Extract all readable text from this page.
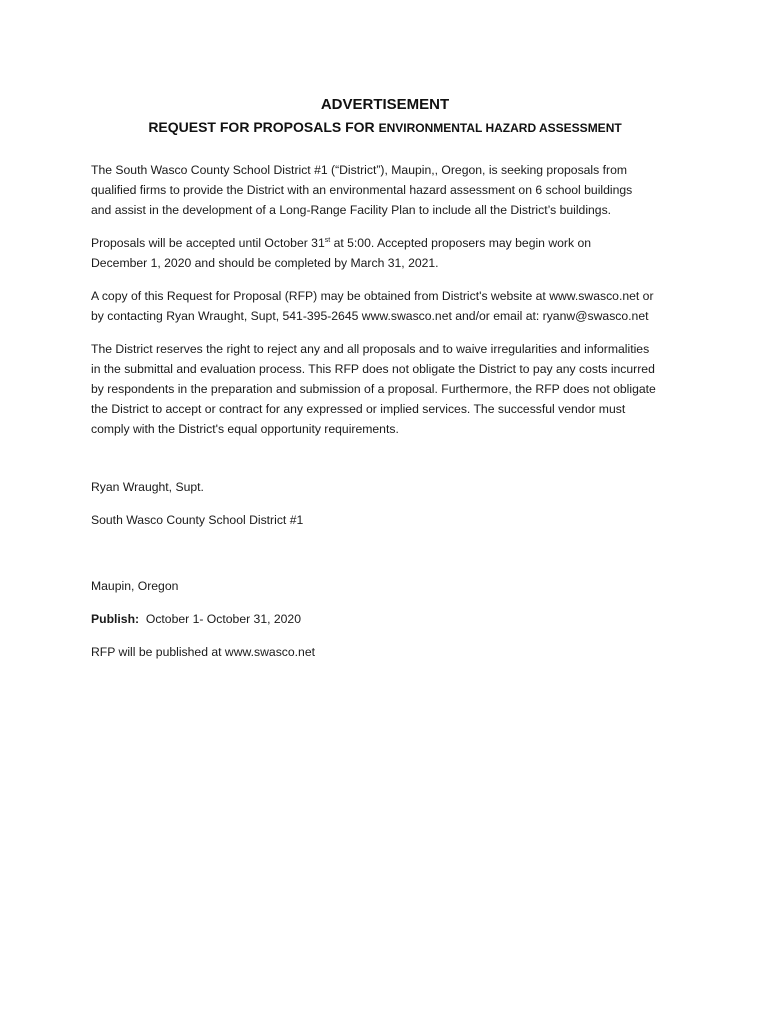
ADVERTISEMENT
REQUEST FOR PROPOSALS FOR ENVIRONMENTAL HAZARD ASSESSMENT
The South Wasco County School District #1 (“District”), Maupin,, Oregon, is seeking proposals from
qualified firms to provide the District with an environmental hazard assessment on 6 school buildings
and assist in the development of a Long-Range Facility Plan to include all the District’s buildings.
Proposals will be accepted until October 31st at 5:00. Accepted proposers may begin work on
December 1, 2020 and should be completed by March 31, 2021.
A copy of this Request for Proposal (RFP) may be obtained from District's website at www.swasco.net or
by contacting Ryan Wraught, Supt, 541-395-2645 www.swasco.net and/or email at: ryanw@swasco.net
The District reserves the right to reject any and all proposals and to waive irregularities and informalities
in the submittal and evaluation process. This RFP does not obligate the District to pay any costs incurred
by respondents in the preparation and submission of a proposal. Furthermore, the RFP does not obligate
the District to accept or contract for any expressed or implied services. The successful vendor must
comply with the District's equal opportunity requirements.
Ryan Wraught, Supt.
South Wasco County School District #1
Maupin, Oregon
Publish:  October 1- October 31, 2020
RFP will be published at www.swasco.net
